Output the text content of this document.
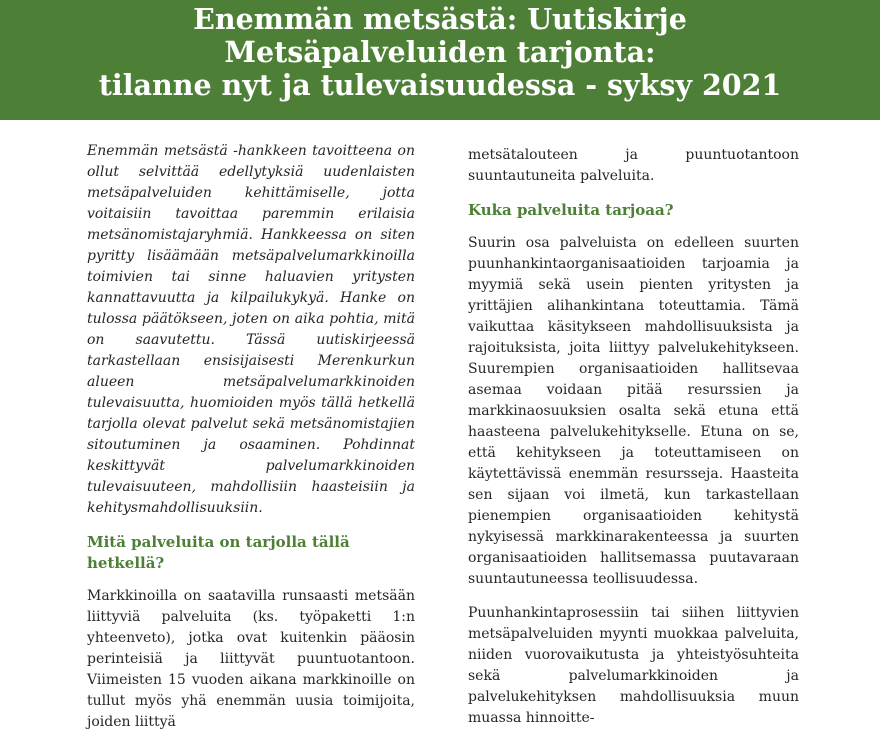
Enemmän metsästä: Uutiskirje
Metsäpalveluiden tarjonta:
tilanne nyt ja tulevaisuudessa - syksy 2021

Enemmän metsästä -hankkeen tavoitteena on ollut selvittää edellytyksiä uudenlaisten metsäpalveluiden kehittämiselle, jotta voitaisiin tavoittaa paremmin erilaisia metsänomistajaryhmiä. Hankkeessa on siten pyritty lisäämään metsäpalvelumarkkinoilla toimivien tai sinne haluavien yritysten kannattavuutta ja kilpailukykyä. Hanke on tulossa päätökseen, joten on aika pohtia, mitä on saavutettu. Tässä uutiskirjeessä tarkastellaan ensisijaisesti Merenkurkun alueen metsäpalvelumarkkinoiden tulevaisuutta, huomioiden myös tällä hetkellä tarjolla olevat palvelut sekä metsänomistajien sitoutuminen ja osaaminen. Pohdinnat keskittyvät palvelumarkkinoiden tulevaisuuteen, mahdollisiin haasteisiin ja kehitysmahdollisuuksiin.

Mitä palveluita on tarjolla tällä hetkellä?

Markkinoilla on saatavilla runsaasti metsään liittyviä palveluita (ks. työpaketti 1:n yhteenveto), jotka ovat kuitenkin pääosin perinteisiä ja liittyvät puuntuotantoon. Viimeisten 15 vuoden aikana markkinoille on tullut myös yhä enemmän uusia toimijoita, joiden liittyä

metsätalouteen ja puuntuotantoon suuntautuneita palveluita.

Kuka palveluita tarjoaa?

Suurin osa palveluista on edelleen suurten puunhankintaorganisaatioiden tarjoamia ja myymiä sekä usein pienten yritysten ja yrittäjien alihankintana toteuttamia. Tämä vaikuttaa käsitykseen mahdollisuuksista ja rajoituksista, joita liittyy palvelukehitykseen. Suurempien organisaatioiden hallitsevaa asemaa voidaan pitää resurssien ja markkinaosuuksien osalta sekä etuna että haasteena palvelukehitykselle. Etuna on se, että kehitykseen ja toteuttamiseen on käytettävissä enemmän resursseja. Haasteita sen sijaan voi ilmetä, kun tarkastellaan pienempien organisaatioiden kehitystä nykyisessä markkinarakenteessa ja suurten organisaatioiden hallitsemassa puutavaraan suuntautuneessa teollisuudessa.

Puunhankintaprosessiin tai siihen liittyvien metsäpalveluiden myynti muokkaa palveluita, niiden vuorovaikutusta ja yhteistyösuhteita sekä palvelumarkkinoiden ja palvelukehityksen mahdollisuuksia muun muassa hinnoitte-
